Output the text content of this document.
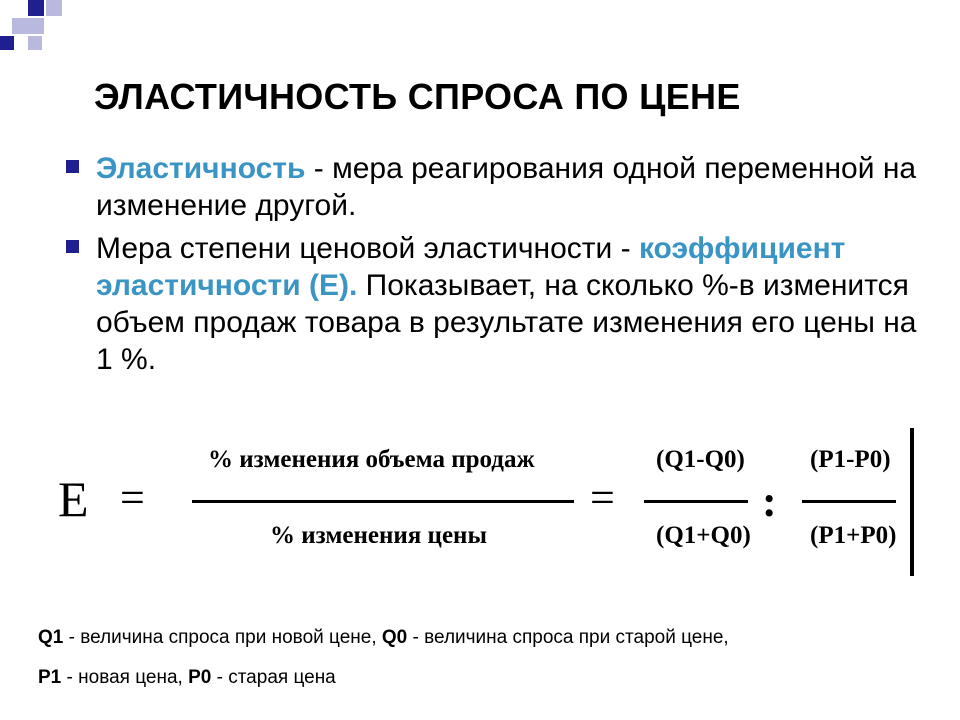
ЭЛАСТИЧНОСТЬ СПРОСА ПО ЦЕНЕ
Эластичность - мера реагирования одной переменной на изменение другой.
Мера степени ценовой эластичности - коэффициент эластичности (Е). Показывает, на сколько %-в изменится объем продаж товара в результате изменения его цены на 1 %.
E =
% изменения объема продаж
% изменения цены
=
(Q1-Q0)
(Q1+Q0)
:
(P1-P0)
(P1+P0)
Q1 - величина спроса при новой цене, Q0 - величина спроса при старой цене,
P1 - новая цена, P0 - старая цена
